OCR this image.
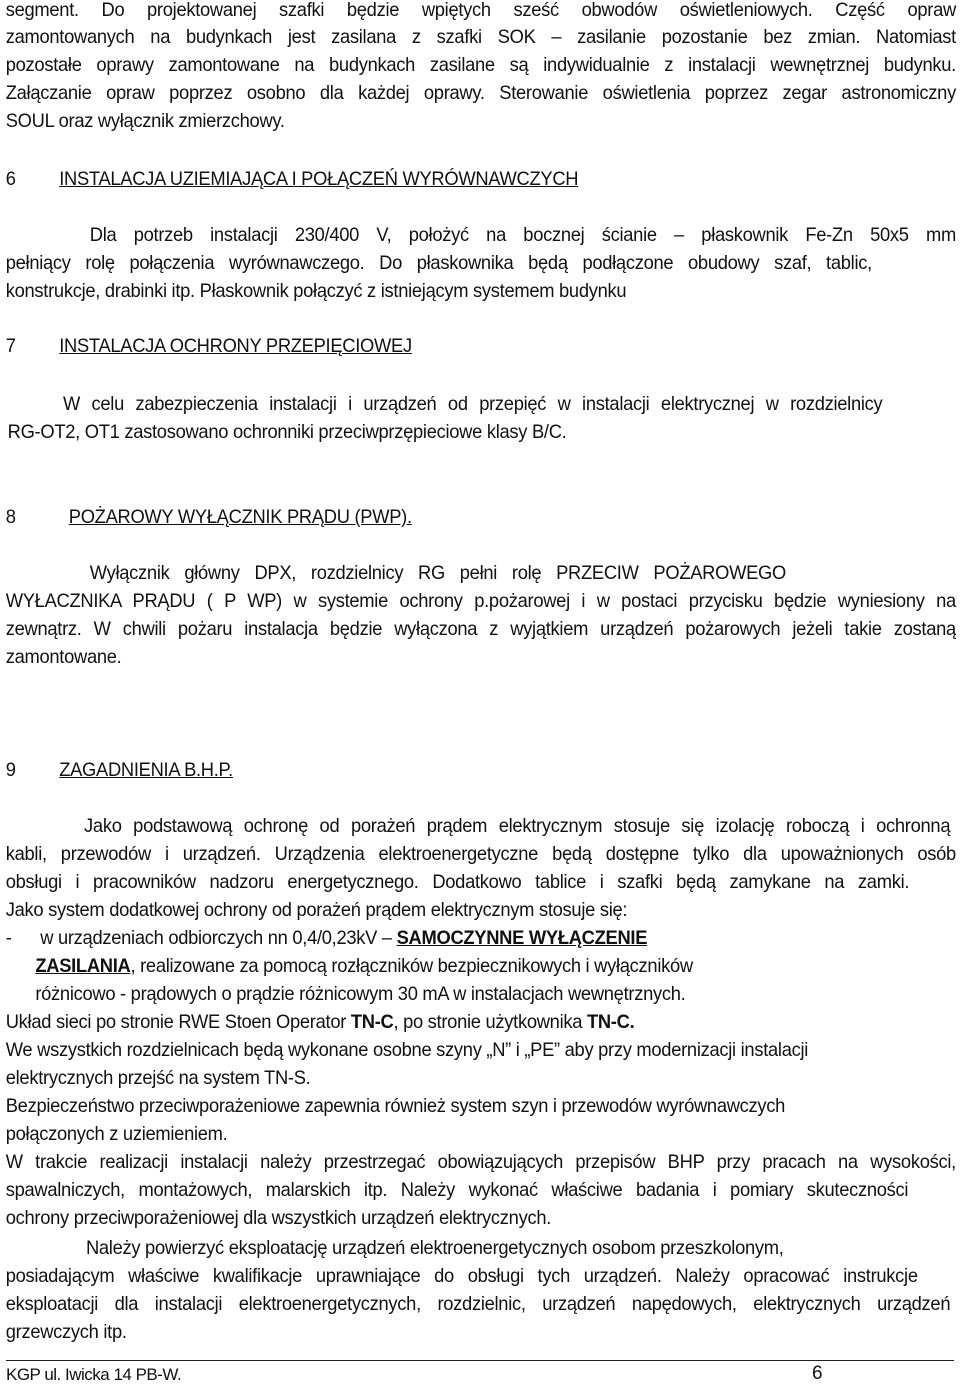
segment. Do projektowanej szafki będzie wpiętych sześć obwodów oświetleniowych. Część opraw
zamontowanych na budynkach jest zasilana z szafki SOK – zasilanie pozostanie bez zmian. Natomiast
pozostałe oprawy zamontowane na budynkach zasilane są indywidualnie z instalacji wewnętrznej budynku.
Załączanie opraw poprzez osobno dla każdej oprawy. Sterowanie oświetlenia poprzez zegar astronomiczny
SOUL oraz wyłącznik zmierzchowy.
6 INSTALACJA UZIEMIAJĄCA I POŁĄCZEŃ WYRÓWNAWCZYCH
Dla potrzeb instalacji 230/400 V, położyć na bocznej ścianie – płaskownik Fe-Zn 50x5 mm
pełniący rolę połączenia wyrównawczego. Do płaskownika będą podłączone obudowy szaf, tablic,
konstrukcje, drabinki itp. Płaskownik połączyć z istniejącym systemem budynku
7 INSTALACJA OCHRONY PRZEPIĘCIOWEJ
W celu zabezpieczenia instalacji i urządzeń od przepięć w instalacji elektrycznej w rozdzielnicy
RG-OT2, OT1 zastosowano ochronniki przeciwprzępieciowe klasy B/C.
8	POŻAROWY WYŁĄCZNIK PRĄDU (PWP).
Wyłącznik główny DPX, rozdzielnicy RG pełni rolę PRZECIW POŻAROWEGO
WYŁACZNIKA PRĄDU ( P WP) w systemie ochrony p.pożarowej i w postaci przycisku będzie wyniesiony na
zewnątrz. W chwili pożaru instalacja będzie wyłączona z wyjątkiem urządzeń pożarowych jeżeli takie zostaną
zamontowane.
9 ZAGADNIENIA B.H.P.
Jako podstawową ochronę od porażeń prądem elektrycznym stosuje się izolację roboczą i ochronną
kabli, przewodów i urządzeń. Urządzenia elektroenergetyczne będą dostępne tylko dla upoważnionych osób
obsługi i pracowników nadzoru energetycznego. Dodatkowo tablice i szafki będą zamykane na zamki.
Jako system dodatkowej ochrony od porażeń prądem elektrycznym stosuje się:
- w urządzeniach odbiorczych nn 0,4/0,23kV – SAMOCZYNNE WYŁĄCZENIE
ZASILANIA, realizowane za pomocą rozłączników bezpiecznikowych i wyłączników
różnicowo - prądowych o prądzie różnicowym 30 mA w instalacjach wewnętrznych.
Układ sieci po stronie RWE Stoen Operator TN-C, po stronie użytkownika TN-C.
We wszystkich rozdzielnicach będą wykonane osobne szyny „N” i „PE” aby przy modernizacji instalacji
elektrycznych przejść na system TN-S.
Bezpieczeństwo przeciwporażeniowe zapewnia również system szyn i przewodów wyrównawczych
połączonych z uziemieniem.
W trakcie realizacji instalacji należy przestrzegać obowiązujących przepisów BHP przy pracach na wysokości,
spawalniczych, montażowych, malarskich itp. Należy wykonać właściwe badania i pomiary skuteczności
ochrony przeciwporażeniowej dla wszystkich urządzeń elektrycznych.
Należy powierzyć eksploatację urządzeń elektroenergetycznych osobom przeszkolonym,
posiadającym właściwe kwalifikacje uprawniające do obsługi tych urządzeń. Należy opracować instrukcje
eksploatacji dla instalacji elektroenergetycznych, rozdzielnic, urządzeń napędowych, elektrycznych urządzeń
grzewczych itp.
KGP ul. Iwicka 14 PB-W.	6
